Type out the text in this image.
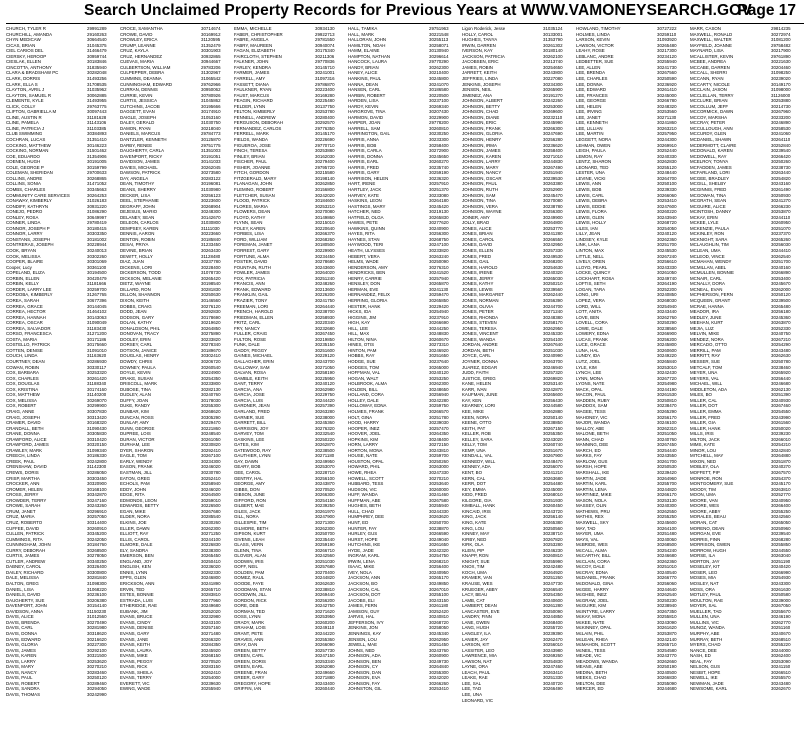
Search Unclaimed Property Records for Previous Years at WWW.VAMONEYSEARCH.GOV
Page 17
CHURCH, TYLER R	29991289
CHURCHILL, AMANDA	29160263
CHYN MEDICAW	30664540
CICAS, BRIAN	31045375
CIEL CARIOS DEL	31466479
CIERSKY, HEROOP	30959744
CIESLAK, ELLEN	30183846
CINCOTTA, ANTHONY	31835940
CLARA & BRADSHAW PC	30282048
CLARK, DORRIS	31493256
CLARK, ELLA S	31708535
CLAYTON, AVRIL J	31035962
CLAYTON, SAMUEL R	30062885
CLEMENTE, KYLE	31493955
CLICK, COLLY	29763775
CLIFTON, GABRIELLA M	30097443
CLINE, AUSTIN R	31181628
CLINE, PAMELA	31143106
CLINE, PATRICIA J	31103385
CLUB SWIMMING	30384893
COCHRAN, LUCAS	31351410
COCKING, MATTHEW	30146223
COCKING, NORMAN	31501462
COE, EDUARDO	31354906
COENEN, HUGH	30191005
COLE, GEORGE P	30159799
COLEMAN, SHERIDAN	29700633
COLLINS, ANDRE	30268865
COLLINS, SONIA	31471052
COMBS, CHARLES	30345663
COMMUNITY CARE SERVICES	30264253
CONAWAY, KIMBERLY	31026183
CONDIFF, KATHRYN	30931220
CONEJO, PEDRO	31086290
CONLEY, ROSA	30649997
CONNER, LINDA	29780419
CONNOR, JOSEPH P	30180415
CONNOR, LARRY	30303350
CONSTANS, JOSEPH	30181002
CONTRERAS, JOSEPH	30228944
COOK, BRYAN	30240013
COOK, MELISSA	30302260
COOPER, BLAIRE	30301069
Cooper, Lucy	30361100
COPELAND, ELIZA	30194500
CORBIN, ELLEN	30420479
CORBIN, KELLY	31181666
CORDER, LARRY LEE	30259700
CORDOBA, KIMBERLY	31267765
COREA, SARAH	30677396
CORREA, GRACE	30144045
CORREA, HECTOR	31464102
CORREA, HANNAH	30143063
CORREA, OSCAR	31090049
CORREA, SALVADOR	31183430
CORSO, FRANCESCA	31271200
COSTA, MARIA	30171186
COSTELLO, PATRICK	30175660
COTTEN, DENISE	31091010
COUCH, LINDA	31163620
COURTNEY, DEAN	30286930
COWAN, ROBIN	30330117
COX, BARBARA	30253320
COX, CHARLES	30261420
COX, DOUGLAS	31188340
COX, KRISTINA	30174160
COX, MATTHEW	31140200
COX, MELISSA	30269070
COX, ROBERT	30299900
CRAIG, ANNE	30307830
CRAIG, JOSEPH	30313420
CRAMER, DAVID	30168320
CRANDALL, BETH	31090430
CRANE, DONNA	30305830
CRAWFORD, ALICE	30310420
CRAWFORD, JAMES	30320150
CRAWLEY, MARK	31099340
CREECH, LINDA	30186330
CREEK, PAUL	30242800
CRENSHAW, DAVID	31142300
CREWS, DORIS	30286050
CRISP, MARTHA	30303450
CROCKER, ANN	30320900
CROMER, HELEN	30168100
CROSS, JERRY	30342870
CROWDER, TERRY	30247160
CROWE, SARAH	30243260
CRUM, JANET	30296910
CRUZ, MARIA	30257050
CRUZ, ROBERTO	30314400
CUFFEE, DAVID	30260910
CULLEN, PATRICK	30345200
CUMMINGS, RITA	30242050
CUNNINGHAM, JOHN	30184760
CURRY, DEBORAH	30268500
CURTIS, JAMES	30278050
CUTLER, ANDREW	30340250
DABNEY, CAROL	30326400
DAILEY, RICHARD	30300800
DALE, MELISSA	30281840
DALTON, GREG	31098300
DANIEL, LISA	31068220
DANIELS, DAVID	30236100
DAUGHERTY, SUE	30206380
DAVENPORT, JOHN	30154140
DAVIDSON, ANNA	31150230
DAVIS, ALICE	31012560
DAVIS, BRENDA	30270490
DAVIS, CARL	30281980
DAVIS, DONNA	30318620
DAVIS, EDWARD	30216620
DAVIS, GLORIA	30227300
DAVIS, JAMES	30292100
DAVIS, KAREN	30321500
DAVIS, LARRY	30253620
DAVIS, MARY	30270210
DAVIS, NANCY	30283460
DAVIS, PAUL	30250120
DAVIS, ROBERT	30289460
DAVIS, SANDRA	30294050
DAVIS, THOMAS	30242990
CROCE, SAMANTHA	30714674
CROWE, DAVID	30169912
CROWLEY, ERICA	31120595
CRUMP, LEANNE	31352479
CRUZ, KAYLA	30301903
CRUZ, HERNANDEZ	30932865
CUEVAS, MARIA	30944667
CULBERTSON, WILLIAM	29783206
CULPEPPER, DEBRA	31302967
CUMMINS, DEANNA	31065542
CUNNINGHAM, EDWARD	29762966
CURRAN, DENNIS	30950062
CURRIE, KEVIN	30780926
CURTIS, JESSICA	31045862
CUTCHINS, JACOB	30195666
DAGGETT, EVAN	30174910
DAIGLE, JOSEPH	31053160
DALEY, GERALD	31030750
DAMON, RYAN	30218040
DANIELS, MARCUS	29784773
DANTZLER, KENNETH	30125870
DARBY, RENEE	29751775
DAUGHERTY, CARLA	31351003
DAVENPORT, RICKY	30191051
DAVIDSON, JAMES	30141033
DAVIES, MICHAEL	30262045
DAWSON, PATRICK	30273580
DAY, ANGELA	30283122
DEAN, TIMOTHY	30196081
DEANS, SHERRY	31030980
DECKER, LISA	30256123
DEEL, STEPHANIE	30223600
DEGRAFF, JOHN	30268904
DEJESUS, MARIO	30248300
DELANEY, SEAN	30142670
DELEON, CARLOS	31030800
DEMPSEY, KAREN	31111030
DENNIS, AARON	30223660
DENTON, ROBIN	30185840
DESAI, PRIYA	31233450
DEVINE, BRIAN	30263430
DEWITT, HOLLY	31128480
DIAZ, JUAN	30237780
DICKENS, LORI	30228400
DICKERSON, TODD	31078730
DICKSON, MELANIE	30265420
DIETZ, WAYNE	30198540
DILLARD, RON	30281830
DILLON, SHANNON	30250630
DIXON, KEITH	30146560
DOBBS, CRAIG	30276120
DODD, JEAN	30292830
DODSON, GARY	30178690
DOLAN, KATHY	30219620
DONALDSON, PHIL	30264850
DONOVAN, TRACY	30275890
DOOLEY, ERIN	30233820
DORSEY, CARL	30278340
DOTSON, JANICE	30189670
DOUGLAS, HENRY	30302410
DOWDY, CHRIS	30206720
DOWNEY, PAULA	30260540
DOYLE, KEVIN	30224900
DRAKE, SUSAN	30254350
DRISCOLL, MARK	30233800
DUBOSE, TINA	30282130
DUDLEY, ALAN	30240760
DUFFY, JOAN	30178030
DUKE, RANDY	30255300
DUNBAR, KIM	30268620
DUNCAN, ROSS	30305290
DUNLAP, AMY	30229470
DUNN, GEORGE	30221860
DUPREE, LOIS	30248540
DURAN, VICTOR	30261050
DURHAM, LEE	30230820
DYER, SHARON	30292410
EAGLE, TOM	30267100
EARLY, WENDY	30234300
EASON, FRANK	30246020
EASTMAN, JILL	30230780
EATON, GREG	30252410
ECHOLS, PAM	30258940
EDDY, JOHN	30246020
EDGE, RITA	30264500
EDMONDS, LEON	30259010
EDWARDS, BETTY	30226500
EGAN, MIKE	30267680
ELDER, NORA	30285540
ELKINS, JOE	30230260
ELLER, DAWN	30262300
ELLIOTT, RAY	30271250
ELLIS, CAROL	30244100
ELMORE, DALE	30226830
ELY, SANDRA	30238300
EMERSON, BEN	30265450
ENGLAND, JOY	30250410
ENGLISH, KEN	30236020
ENNIS, LYNN	30282330
EPPS, GLEN	30246800
ERICKSON, ANN	30241890
ERVIN, TED	30265710
ESTES, BONNIE	30283810
ESTRADA, LUIS	30277960
ETHERIDGE, RAE	30249680
EUBANK, JIM	30252020
EVANS, BRUCE	30232980
EVANS, CINDY	30243100
EVANS, DENISE	30257160
EVANS, GARY	30271480
EVANS, JANE	30266320
EVANS, KEITH	30284350
EVANS, LAURA	30245920
EVANS, MIKE	30268150
EVANS, PEGGY	30270520
EVANS, RICK	30283150
EVANS, SHEILA	30262410
EVANS, TERRY	30254000
EVERETT, VIC	30239630
EWING, WADE	30255940
EMMA, MICHELLE	30934130
FABER, CHRISTOPHER	29922713
FABRE, ANGELA	29781550
FABRY, MAUREEN	30940074
FAGAN, ELIZABETH	30175340
FAIRCLOTH, STEPHEN	30211306
FALKNER, JOHN	29770836
FARLEY, KENDRA	30145710
FARMER, JAMES	30241001
FARRELL, AMY	31097316
FASSETT, DIANA	29786870
FAULKNER, RYAN	30223400
FAUST, MARCUS	30169280
FEAGIN, RICHARD	30225480
FELDER, LYNN	30137750
FELTON, KIMBERLY	30253780
FENNELL, ANDREW	30280400
FERGUSON, DEBORAH	30292570
FERNANDEZ, CARLOS	29776350
FERRELL, MARK	30145170
FIELDS, WANDA	30226690
FIGUEROA, JOSE	29770710
FINCH, TERESA	30253880
FINLEY, BRIAN	30162030
FISCHER, PAUL	30279400
FISHER, JOANNE	29795720
FITCH, GORDON	30215580
FITZGERALD, MARY	30198140
FLANAGAN, JOHN	30262850
FLEMING, ROBERT	30156800
FLETCHER, SUSAN	30242020
FLOOD, PATRICK	30184600
FLORES, MARIA	30253210
FLOWERS, DEAN	30270080
FLOYD, KATHY	30149860
FLYNN, SEAN	30215010
FOLEY, KAREN	30220640
FORBES, LISA	30266370
FORD, WILLIAM	30268260
FOREMAN, JANET	30180500
FORREST, GARY	30229900
FORTUNE, ALMA	30234450
FOSTER, DAVID	30278680
FOUNTAIN, RUTH	30243600
FOWLER, JAMES	30264020
FOX, PATRICIA	30251240
FRANCIS, ANN	30248260
FRANK, EDWARD	30213600
FRANKLIN, GAIL	30226200
FRAZIER, TONY	30241750
FREEMAN, LORI	30264440
FRENCH, HAROLD	30238700
FRIEDMAN, ELLEN	30258930
FRITZ, CARL	30220340
FRY, NANCY	30232680
FULLER, CRAIG	30267450
FULTON, ROSE	30219850
FUNK, DALE	30235150
GADDY, PEGGY	30251600
GAINES, MICHAEL	30229120
GALLAGHER, ERIN	30243700
GALLOWAY, SAM	30271050
GALVAN, ROSA	30258190
GAMBLE, KEITH	30225950
GANT, TERRY	30240120
GARCIA, ANA	30262980
GARCIA, JOSE	30229750
GARCIA, LUIS	30244420
GARDNER, JEAN	30257390
GARLAND, FRED	30263280
GARNER, SUE	30238000
GARRETT, BILL	30245360
GARRISON, JOY	30276320
GARVEY, TOM	30232540
GASKINS, LEE	30250220
GATES, KIM	30262870
GATEWOOD, RAY	30238500
GAUTHIER, LYNN	30271180
GAY, DAWN	30249950
GEARY, BOB	30253070
GEE, CAROL	30228710
GENTRY, HAL	30256100
GEORGE, AMY	30243870
GIBBS, DON	30270520
GIBSON, JUNE	30266300
GIFFORD, RON	30254150
GILBERT, MAE	30239250
GILES, JACK	30261970
GILL, NORA	30247900
GILLESPIE, TIM	30271300
GILMORE, BETH	30262300
GIPSON, KURT	30250700
GIVENS, LEAH	30235440
GLASS, VERN	30259190
GLENN, TINA	30266710
GLOVER, ALAN	30242560
GODWIN, IRIS	30251030
GOFF, NEIL	30257680
GOLDEN, PAM	30270400
GOMEZ, RAUL	30244820
GOODE, FAYE	30262630
GOODMAN, STAN	30238810
GOODWIN, JILL	30269440
GORDON, RICK	30256200
GORE, DEB	30242750
GORMAN, TED	30271620
GOSS, LYNN	30253950
GRADY, MARK	30260200
GRAHAM, LOIS	30249110
GRANT, PETE	30244220
GRAVES, ANN	30255360
GRAY, DAN	30266090
GREEN, BETTY	30257730
GREEN, CARL	30247150
GREEN, DORIS	30253340
GREEN, EARL	30262080
GREENE, FRAN	30249660
GREER, GARY	30271880
GREGORY, HOPE	30243400
GRIFFIN, IAN	30260440
HALL, TAMIKA	29751963
HALL, MARK	30221548
HALLORAN, JOHN	30255113
HAMILTON, NOAH	30258071
HAMM, ELAINE	30130940
HAMPTON, NATHAN	30296614
HANCOCK, LAURA	29770290
HANDY, BRIAN	30262300
HANEY, ALICE	30210400
HANKINS, PAUL	30245800
HANNA, DEAN	30241070
HANSEN, CARL	30186580
HARBIN, ROBERT	30220500
HARDEN, LISA	30237100
HARDY, KEVIN	30269340
HARGROVE, TINA	30207430
HARMON, DAVID	30229900
HARPER, JOAN	29778200
HARRELL, SAM	30260810
HARRINGTON, GAIL	30230250
HARRIS, ANNA	30233300
HARRIS, BOB	30258400
HARRIS, CARLA	30272900
HARRIS, DONNA	30245650
HARRIS, EARL	30260270
HARRIS, FRED	30235740
HARRIS, GARY	30259190
HARRISON, HELEN	30236320
HART, IRENE	30257910
HARTLEY, JACK	30251370
HARVEY, KATE	30233080
HASKINS, LEON	30264180
HASTINGS, MARY	30245420
HATCHER, NED	30219130
HATFIELD, OLGA	30265830
HAWES, PETE	30277620
HAWKINS, QUINN	30240900
HAYES, RITA	30256300
HAYNES, STAN	30268750
HAYWOOD, TERI	30247100
HEATH, ULYSSES	30233820
HEBERT, VERA	30263240
HELMS, WADE	30250090
HENDERSON, AMY	30276310
HENDRICKS, BEN	30241520
HENRY, CARRIE	30257940
HENSLEY, DON	30265870
HERMAN, EVE	30241130
HERNANDEZ, FELIX	30259470
HERRING, GLORIA	30265850
HESTER, HANK	30229420
HICKS, IDA	30254940
HIGGINS, JIM	30237910
HIGH, KAY	30266690
HILL, LEE	30244250
HILL, MAX	30248830
HILTON, NINA	30260670
HINES, OTIS	30273310
HINTON, PAM	30246920
HOBBS, RAY	30251650
HODGE, SUE	30237640
HODGES, TOM	30265000
HOFFMAN, VAL	30240120
HOGAN, WALT	30253250
HOLBROOK, ALMA	30262300
HOLDEN, BILL	30248650
HOLLAND, CORA	30256940
HOLLEY, DALE	30242280
HOLLOWAY, EDNA	30259750
HOLMES, FRANK	30266570
HOLT, GINA	30251780
HOOD, HARRY	30239030
HOOPER, INEZ	30257470
HOOVER, JOEL	30264350
HOPKINS, KIM	30248400
HORN, LARRY	30272150
HORTON, MONA	30243810
HOUSE, NATE	30259700
HOUSTON, OPAL	30250260
HOWARD, PHIL	30263000
HOWE, RHEA	30247330
HOWELL, SCOTT	30270210
HUBBARD, TESS	30253640
HUDSON, VIC	30260000
HUFF, WANDA	30241460
HUFFMAN, ABE	30267580
HUGHES, BETH	30255940
HULL, CHAD	30244330
HUMPHREY, DEE	30263620
HUNT, ED	30250700
HUNTER, FAY	30238870
HURLEY, GUS	30266590
HURST, HOPE	30249040
HUTCHINS, IKE	30261650
HYDE, JADE	30242320
INGRAM, KARL	30254750
IRWIN, LENA	30268210
ISAAC, MIKE	30256400
IVEY, NOLA	30240950
JACKSON, ANN	30265170
JACKSON, BO	30249850
JACKSON, CAL	30267010
JACKSON, DOT	30255100
JACOBS, ELI	30243150
JAMES, FERN	30261180
JAMISON, GUY	30252420
JARVIS, HAL	30240810
JEFFERSON, IVY	30268720
JENKINS, JON	30258050
JENNINGS, KAY	30245340
JENSEN, LOU	30262950
JEWELL, MAE	30251450
JOHNS, NED	30243760
JOHNSON, ADA	30260900
JOHNSON, BEN	30249730
JOHNSON, CY	30264840
JOHNSON, DAN	30255300
JOHNSON, EVA	30242020
JOHNSON, FAY	30266260
JOHNSTON, GIL	30253410
Ligon Roderick, Jesse	31035124
HOLLY, CAROL	30133001
HUGHES, TANYA	31353790
IRWIN, DARREN	30261302
IVERSON, KAY	30180140
JACKSON, PATRICIA	30262100
JACOBSEN, ERIC	30213740
JAMES, ROBIN	30254650
JARRETT, KEITH	30243800
JEFFRIES, LINDA	30227080
JENKINS, JOSEPH	30234300
JENSEN, NEIL	30265900
JIMENEZ, ANA	30191270
JOHNSON, ALBERT	30242260
JOHNSON, BETTY	30253000
JOHNSON, CHAD	30269600
JOHNSON, DIANE	30232110
JOHNSON, ERIC	30245990
JOHNSON, FRANK	30266300
JOHNSON, GLORIA	30247690
JOHNSON, HENRY	30256280
JOHNSON, IRMA	30236620
JOHNSON, JAMES	30258400
JOHNSON, KAREN	30271010
JOHNSON, LARRY	30244830
JOHNSON, MARY	30267490
JOHNSON, NANCY	30251940
JOHNSON, OSCAR	30239530
JOHNSON, PAUL	30263380
JOHNSON, RUTH	30252900
JOHNSON, SAM	30245470
JOHNSON, TINA	30270080
JOHNSON, VERA	30238780
JOHNSON, WAYNE	30256300
JOINER, AMY	30249900
JOLLY, BRAD	30264800
JONES, ALICE	30253770
JONES, BRIAN	30241280
JONES, CAROL	30266550
JONES, DAVID	30242950
JONES, ELLEN	30257330
JONES, FRED	30249530
JONES, GAIL	30268200
JONES, HAROLD	30254630
JONES, IRENE	30240320
JONES, JERRY	30265030
JONES, KATHY	30250210
JONES, LEWIS	30239560
JONES, MARGARET	30262440
JONES, NORMAN	30256390
JONES, OLIVIA	30244700
JONES, PETER	30271240
JONES, RHONDA	30248380
JONES, STEVEN	30258170
JONES, TERESA	30262950
JONES, VINCENT	30245330
JONES, WANDA	30254100
JORDAN, ANDRE	30267640
JORDAN, BETH	30251030
JOYCE, CARL	30240990
JOYNER, DONNA	30263700
JUAREZ, EDGAR	30246940
JUDD, FAITH	30257320
JUSTICE, GREG	30269820
KANE, HELEN	30253140
KARR, IVAN	30242870
KAUFMAN, JUNE	30265600
KAY, KEN	30256430
KEARNEY, LORI	30244580
KEE, MIKE	30262880
KEEN, NORA	30250140
KEENE, OTTO	30238850
KEITH, PAT	30267150
KELLER, ROB	30255350
KELLEY, SARA	30243020
KELLY, TOM	30260740
KEMP, UNA	30251670
KENDALL, VAL	30267900
KENNEDY, WILL	30248470
KENNEY, ADA	30256070
KENT, BO	30241210
KERN, CAL	30263680
KERR, DOT	30254480
KEY, EMMA	30245000
KIDD, FRED	30268010
KILGORE, GIA	30251930
KIMBALL, HANK	30260450
KINCAID, IRIS	30243720
KING, JACK	30256140
KING, KATE	30265380
KING, LOU	30250560
KINNEY, MAY	30238710
KIRBY, NED	30267820
KIRK, OLA	30253280
KLEIN, PIP	30246230
KNAPP, RON	30260810
KNIGHT, SUE	30255990
KNOX, TIM	30242480
KOCH, UMA	30264920
KRAMER, VAN	30251260
KRAUSE, WES	30247730
KRUEGER, ABBY	30266540
LACY, BEAU	30254350
LAMB, CAT	30240600
LAMBERT, DEAN	30261280
LANCASTER, EVE	30250090
LANDRY, FINN	30244850
LANE, GWEN	30268400
LANG, HUGH	30255720
LANGLEY, ILA	30239390
LANIER, JAY	30262470
LARSON, KIT	30256010
LASSITER, LEO	30243980
LAWRENCE, MIA	30269260
LAWSON, NAT	30254830
LAYNE, ORA	30247460
LEACH, PAUL	30263410
LEAKE, RAE	30251330
LEE, SAL	30240720
LEE, TAD	30266490
LEE, UNA
LEONARD, VIC
HOWLAND, TIMOTHY	30727222
HOLMES, LINDA	30259110
LARSON, KEVIN	31093920
LAWSON, VICTOR	30265480
LEAHY, ROSE	30217300
LEBLANC, ANDRE	30234120
LEDBETTER, SUE	30255940
LEE, ALLEN	30241730
LEE, BRENDA	30267560
LEE, CHARLES	30250590
LEE, DONNA	30236920
LEE, EDWARD	30261410
LEE, FRANCES	30245000
LEE, GEORGE	30266780
LEE, HELEN	30248320
LEE, IRVING	30253560
LEE, JANET	30271130
LEE, KENNETH	30241860
LEE, LILLIAN	30263210
LEE, MARTIN	30257950
LEGGETT, NORA	30244300
LEHMAN, OWEN	30269910
LEIGH, PAULA	30252440
LEMON, RAY	30240330
LENTZ, SHARON	30262830
LEONARD, TED	30255120
LESTER, UNA	30248440
LEVINE, VICKI	30264700
LEWIS, ANN	30250100
LEWIS, BOB	30239330
LEWIS, CARL	30266060
LEWIS, DEBRA	30253410
LEWIS, EDDIE	30247600
LEWIS, FLORA	30260220
LEWIS, GLEN	30243940
LEWIS, HOLLY	30268720
LILES, IAN	30254050
LILLY, JEAN	30240120
LINDSEY, KYLE	30262360
LINK, LANA	30251700
LINTON, MAX	30245530
LITTLE, NELL	30267240
LIVELY, OREN	30256610
LLOYD, PEARL	30243330
LOCKE, QUINCY	30261050
LOCKHART, ROSA	30249740
LOFTIS, SETH	30264190
LOGAN, TARA	30252200
LONG, URI	30240850
LOPEZ, VERA	30268030
LORD, WILL	30254940
LOTT, ANITA	30243440
LOVE, BEN	30262760
LOVELL, CORA	30250290
LOWE, DALE	30238560
LOWERY, EDNA	30266900
LUCAS, FRANK	30256200
LUCE, GRACE	30245800
LUNA, HAL	30260600
LUNDY, IDA	30249220
LUTZ, JOEL	30265840
LYLE, KIM	30253010
LYNCH, LEE	30242430
LYNN, MONA	30267720
LYONS, NATE	30254980
MACK, OPAL	30244190
MACON, PAUL	30261530
MADDEN, RUBY	30250810
MADDOX, SAM	30238470
MAGEE, TESS	30265290
MAHONEY, VIC	30256170
MAJOR, WANDA	30246100
MALLOY, ABE	30262310
MALONE, BETH	30251050
MANN, CHAD	30240760
MANNING, DEE	30267450
MARCH, ED	30254440
MARKS, FAY	30243550
MARLOW, GUS	30261700
MARSH, HOPE	30250530
MARSHALL, IKE	30239420
MARTIN, JADE	30264960
MARTIN, KARL	30255700
MARTIN, LENA	30244820
MARTINEZ, MIKE	30266170
MASON, NOLA	30253130
MASSEY, OLIN	30240300
MATHEWS, PRU	30262550
MATHIS, REX	30255250
MAXWELL, SKY	30245600
MAY, TAD	30264100
MAYER, UMA	30251480
MAYS, VAL	30240060
McBRIDE, WES	30268500
McCALL, ALMA	30254240
McCARTHY, BILL	30246680
McCLAIN, CORA	30262360
McCOY, DALE	30251010
McCRAY, EDNA	30240540
McDANIEL, FRANK	30266770
McDONALD, GINA	30256060
McGEE, HARRY	30244640
McGHEE, INEZ	30262540
McGRAW, JOEL	30250230
McGUIRE, KIM	30238940
McINTYRE, LARRY	30267350
McKAY, MONA	30255810
McKEE, NATE	30243090
McKINNEY, OPAL	30261620
McLAIN, PHIL	30253870
McLEAN, RHEA	30242140
McMAHON, SCOTT	30265710
McNEIL, TESS	30254580
MEADE, VIC	30243770
MEADOWS, WANDA	30262660
MEANS, ABE	30250190
MEDINA, BETH	30240500
MEEKS, CHAD	30266830
MELTON, DEE	30255090
MERCER, ED	30244680
MARR, CASON	29814235
MAXWELL, RONALD	30272974
MAXWELL, WALTER	31081200
MAYFIELD, JOANNE	29758482
MAYNARD, LISA	30217900
MCALLISTER, KEVIN	29761890
MCBEE, ANDREA	30221630
MCCABE, DARREN	30204460
MCCALL, SHERRI	31098250
MCCANN, RYAN	30239020
MCCARTY, NICOLE	30149170
MCCLAIN, JASON	31098000
MCCLELLAN, TERRY	31126000
MCCLURE, BRIAN	30253880
MCCOLLUM, JEFF	30214730
MCCORMICK, DAWN	30267960
MCCOY, MARSHA	30233200
MCCRAY, PETER	30246890
MCCULLOUGH, ANN	30258530
MCCURDY, GLEN	30241060
MCDANIEL, SHAWN	30264110
MCDERMOTT, CLAIRE	30252840
MCDONALD, KAREN	30239540
MCDOWELL, RAY	30266420
MCELROY, TONYA	30250260
MCFADDEN, JAMES	30238730
MCFARLAND, LORI	30263440
MCGEE, BRADLEY	30254820
MCGILL, SHELBY	30243160
MCGINNIS, FRED	30261490
MCGOWAN, TINA	30250930
MCGRATH, SEAN	30241270
MCGUIRE, ALICE	30266230
MCINTOSH, DANNY	30253870
MCKAY, ERIN	30244110
MCKEE, LYLE	30260950
MCKENZIE, PAULA	30251070
MCKINLEY, RON	30237370
MCKNIGHT, SARA	30265260
MCLAUGHLIN, TIM	30256030
MCLEAN, UMA	30244410
MCLEOD, VINCE	30262540
MCMAHAN, WENDY	30251700
MCMILLAN, ABEL	30240160
MCMULLEN, BONNIE	30266890
MCNAIR, CARL	30253400
MCNALLY, DORA	30245670
MCNEAL, EVAN	30262000
MCPHERSON, FERN	30250120
MCQUEEN, GRANT	30239500
MCRAE, HANNA	30265480
MEADOR, IRA	30256180
MEDLEY, JUNE	30245360
MEEHAN, KURT	30263870
MEJIA, LUZ	30252330
MELVIN, MIKE	30240750
MENDEZ, NORA	30267210
MERCADO, OTTO	30254290
MERRILL, PAM	30243480
MERRITT, RAY	30262630
MESSER, SUE	30250780
METCALF, TOM	30238460
MEYER, UNA	30265920
MEYERS, VAL	30256440
MICHAEL, WILL	30246680
MIDDLETON, ADA	30262130
MILES, BO	30251390
MILLER, CAL	30240930
MILLER, DOT	30267460
MILLER, EMMA	30254550
MILLER, FRED	30243990
MILLER, GIA	30261560
MILLER, HANK	30250020
MILLS, IRIS	30239230
MILTON, JACK	30266010
MIMS, KATE	30254210
MINOR, LOU	30242840
MITCHELL, MAY	30264880
MIXON, NED	30251870
MOBLEY, OLA	30240270
MOFFETT, PIP	30267570
MONROE, RON	30254370
MONTGOMERY, SUE	30245170
MOODY, TIM	30263810
MOON, UMA	30252770
MOORE, VAN	30240950
MOORE, WES	30266400
MOORE, ABBY	30255250
MORALES, BEAU	30242560
MORAN, CAT	30265050
MORENO, DEAN	30250960
MORGAN, EVE	30239540
MORRIS, FINN	30268280
MORRISON, GWEN	30255850
MORROW, HUGH	30244550
MORSE, ILA	30263040
MORTON, JAY	30251190
MOSELEY, KIT	30240420
MOSER, LEO	30266990
MOSES, MIA	30254930
MOSLEY, NAT	30243300
MOSS, ORA	30261630
MOTLEY, PAUL	30250580
MOULTON, RAE	30239000
MOYER, SAL	30267050
MUELLER, TAD	30255670
MULLEN, UNA	30246190
MULLINS, VIC	30262770
MUNOZ, WANDA	30251160
MURPHY, ABE	30240670
MURRAY, BETH	30268510
MYERS, CHAD	30255220
NANCE, DEE	30244000
NASH, ED	30262400
NEAL, FAY	30253090
NELSON, GUS	30241150
NESBIT, HOPE	30266510
NEWELL, IKE	30255570
NEWMAN, JADE	30243480
NEWSOME, KARL	30262670
